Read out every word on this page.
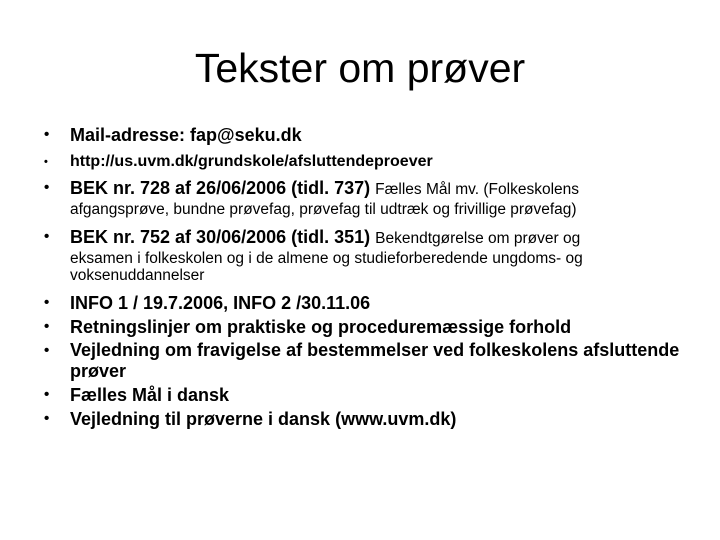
Tekster om prøver
• Mail-adresse: fap@seku.dk
• http://us.uvm.dk/grundskole/afsluttendeproever
• BEK nr. 728 af 26/06/2006 (tidl. 737) Fælles Mål mv. (Folkeskolens
afgangsprøve, bundne prøvefag, prøvefag til udtræk og frivillige prøvefag)
• BEK nr. 752 af 30/06/2006 (tidl. 351) Bekendtgørelse om prøver og
eksamen i folkeskolen og i de almene og studieforberedende ungdoms- og voksenuddannelser
• INFO 1 / 19.7.2006, INFO 2 /30.11.06
• Retningslinjer om praktiske og proceduremæssige forhold
• Vejledning om fravigelse af bestemmelser ved folkeskolens afsluttende prøver
• Fælles Mål i dansk
• Vejledning til prøverne i dansk (www.uvm.dk)
